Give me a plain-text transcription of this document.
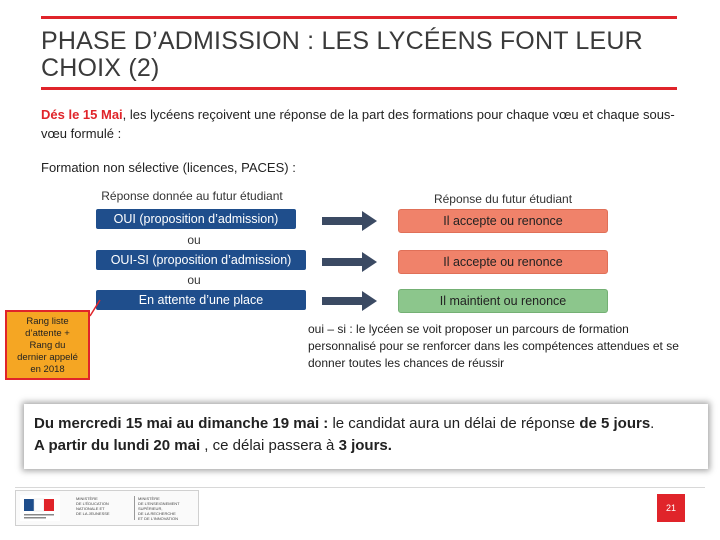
PHASE D’ADMISSION : LES LYCÉENS FONT LEUR
CHOIX (2)
Dés le 15 Mai, les lycéens reçoivent une réponse de la part des formations pour chaque vœu et chaque sous-vœu formulé :
Formation non sélective (licences, PACES) :
Réponse donnée au futur étudiant	Réponse du futur étudiant
OUI (proposition d’admission)	Il accepte ou renonce
ou
OUI-SI (proposition d’admission)	Il accepte ou renonce
ou
En attente d’une place	Il maintient ou renonce
Rang liste
d’attente +
Rang du
dernier appelé
en 2018
oui – si : le lycéen se voit proposer un parcours de formation personnalisé pour se renforcer dans les compétences attendues et se donner toutes les chances de réussir
Du mercredi 15 mai au dimanche 19 mai : le candidat aura un délai de réponse de 5 jours.
A partir du lundi 20 mai , ce délai passera à 3 jours.
MINISTÈRE
DE L’ÉDUCATION
NATIONALE ET
DE LA JEUNESSE
MINISTÈRE
DE L’ENSEIGNEMENT SUPÉRIEUR,
DE LA RECHERCHE
ET DE L’INNOVATION
21
